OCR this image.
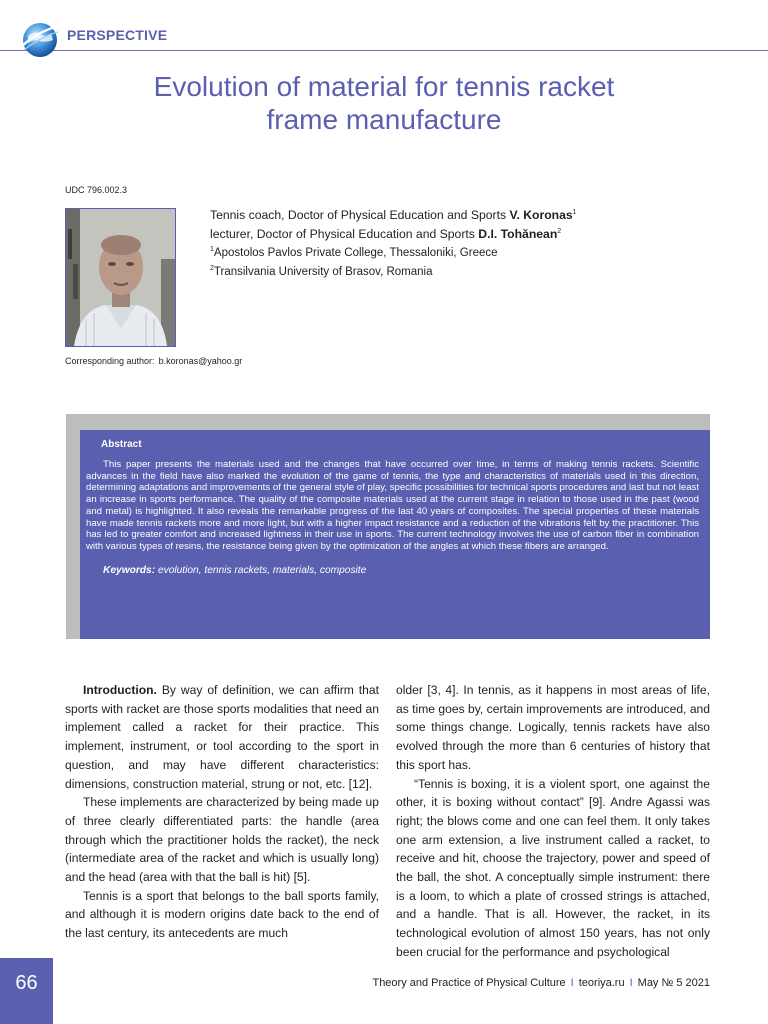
PERSPECTIVE
Evolution of material for tennis racket
frame manufacture
UDC 796.002.3
Tennis coach, Doctor of Physical Education and Sports V. Koronas$^1$
lecturer, Doctor of Physical Education and Sports D.I. Tohănean$^2$
$^1$Apostolos Pavlos Private College, Thessaloniki, Greece
$^2$Transilvania University of Brasov, Romania
Corresponding author: b.koronas@yahoo.gr
Abstract
This paper presents the materials used and the changes that have occurred over time, in terms of making tennis rackets. Scientific advances in the field have also marked the evolution of the game of tennis, the type and characteristics of materials used in this direction, determining adaptations and improvements of the general style of play, specific possibilities for technical sports procedures and last but not least an increase in sports performance. The quality of the composite materials used at the current stage in relation to those used in the past (wood and metal) is highlighted. It also reveals the remarkable progress of the last 40 years of composites. The special properties of these materials have made tennis rackets more and more light, but with a higher impact resistance and a reduction of the vibrations felt by the practitioner. This has led to greater comfort and increased lightness in their use in sports. The current technology involves the use of carbon fiber in combination with various types of resins, the resistance being given by the optimization of the angles at which these fibers are arranged.
Keywords: evolution, tennis rackets, materials, composite

Introduction. By way of definition, we can affirm that sports with racket are those sports modalities that need an implement called a racket for their practice. This implement, instrument, or tool according to the sport in question, and may have different characteristics: dimensions, construction material, strung or not, etc. [12].

These implements are characterized by being made up of three clearly differentiated parts: the handle (area through which the practitioner holds the racket), the neck (intermediate area of the racket and which is usually long) and the head (area with that the ball is hit) [5].

Tennis is a sport that belongs to the ball sports family, and although it is modern origins date back to the end of the last century, its antecedents are much

older [3, 4]. In tennis, as it happens in most areas of life, as time goes by, certain improvements are introduced, and some things change. Logically, tennis rackets have also evolved through the more than 6 centuries of history that this sport has.

“Tennis is boxing, it is a violent sport, one against the other, it is boxing without contact” [9]. Andre Agassi was right; the blows come and one can feel them. It only takes one arm extension, a live instrument called a racket, to receive and hit, choose the trajectory, power and speed of the ball, the shot. A conceptually simple instrument: there is a loom, to which a plate of crossed strings is attached, and a handle. That is all. However, the racket, in its technological evolution of almost 150 years, has not only been crucial for the performance and psychological

66	Theory and Practice of Physical Culture I teoriya.ru I May № 5 2021
